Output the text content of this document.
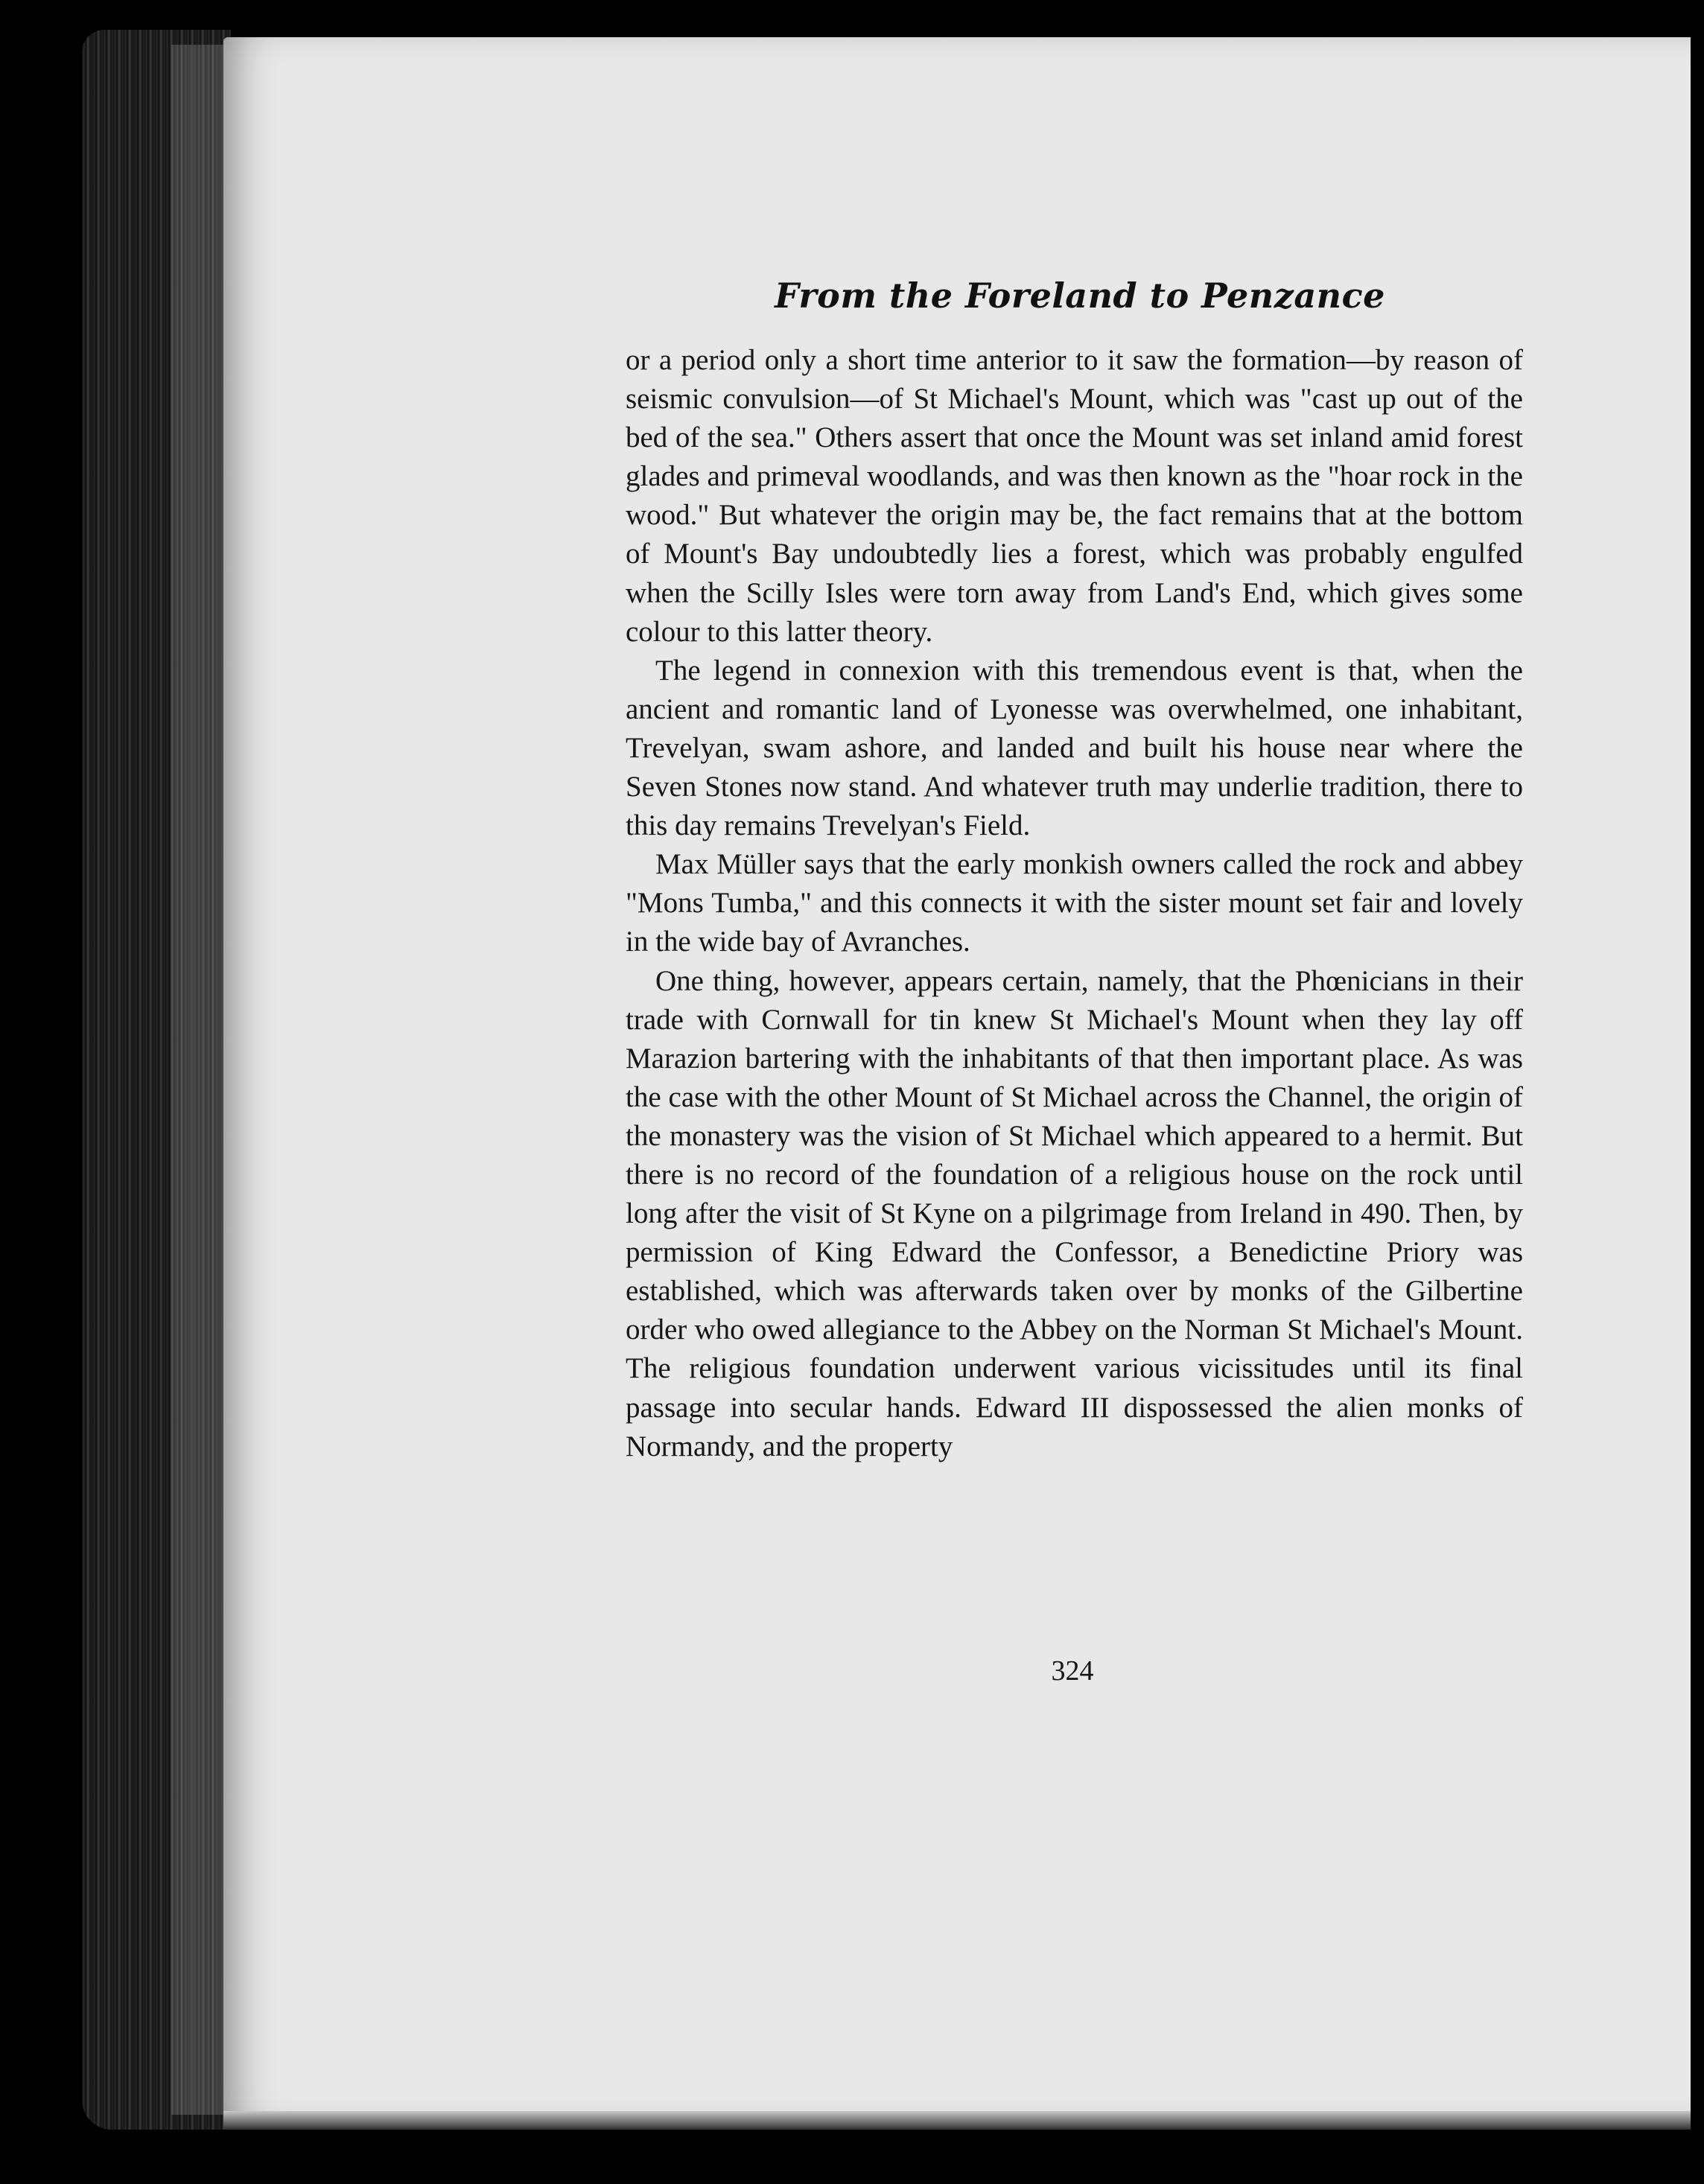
From the Foreland to Penzance

or a period only a short time anterior to it saw the formation—by reason of seismic convulsion—of St Michael's Mount, which was "cast up out of the bed of the sea." Others assert that once the Mount was set inland amid forest glades and primeval woodlands, and was then known as the "hoar rock in the wood." But whatever the origin may be, the fact remains that at the bottom of Mount's Bay undoubtedly lies a forest, which was probably engulfed when the Scilly Isles were torn away from Land's End, which gives some colour to this latter theory.

The legend in connexion with this tremendous event is that, when the ancient and romantic land of Lyonesse was overwhelmed, one inhabitant, Trevelyan, swam ashore, and landed and built his house near where the Seven Stones now stand. And whatever truth may underlie tradition, there to this day remains Trevelyan's Field.

Max Müller says that the early monkish owners called the rock and abbey "Mons Tumba," and this connects it with the sister mount set fair and lovely in the wide bay of Avranches.

One thing, however, appears certain, namely, that the Phœnicians in their trade with Cornwall for tin knew St Michael's Mount when they lay off Marazion bartering with the inhabitants of that then important place. As was the case with the other Mount of St Michael across the Channel, the origin of the monastery was the vision of St Michael which appeared to a hermit. But there is no record of the foundation of a religious house on the rock until long after the visit of St Kyne on a pilgrimage from Ireland in 490. Then, by permission of King Edward the Confessor, a Benedictine Priory was established, which was afterwards taken over by monks of the Gilbertine order who owed allegiance to the Abbey on the Norman St Michael's Mount. The religious foundation underwent various vicissitudes until its final passage into secular hands. Edward III dispossessed the alien monks of Normandy, and the property

324
